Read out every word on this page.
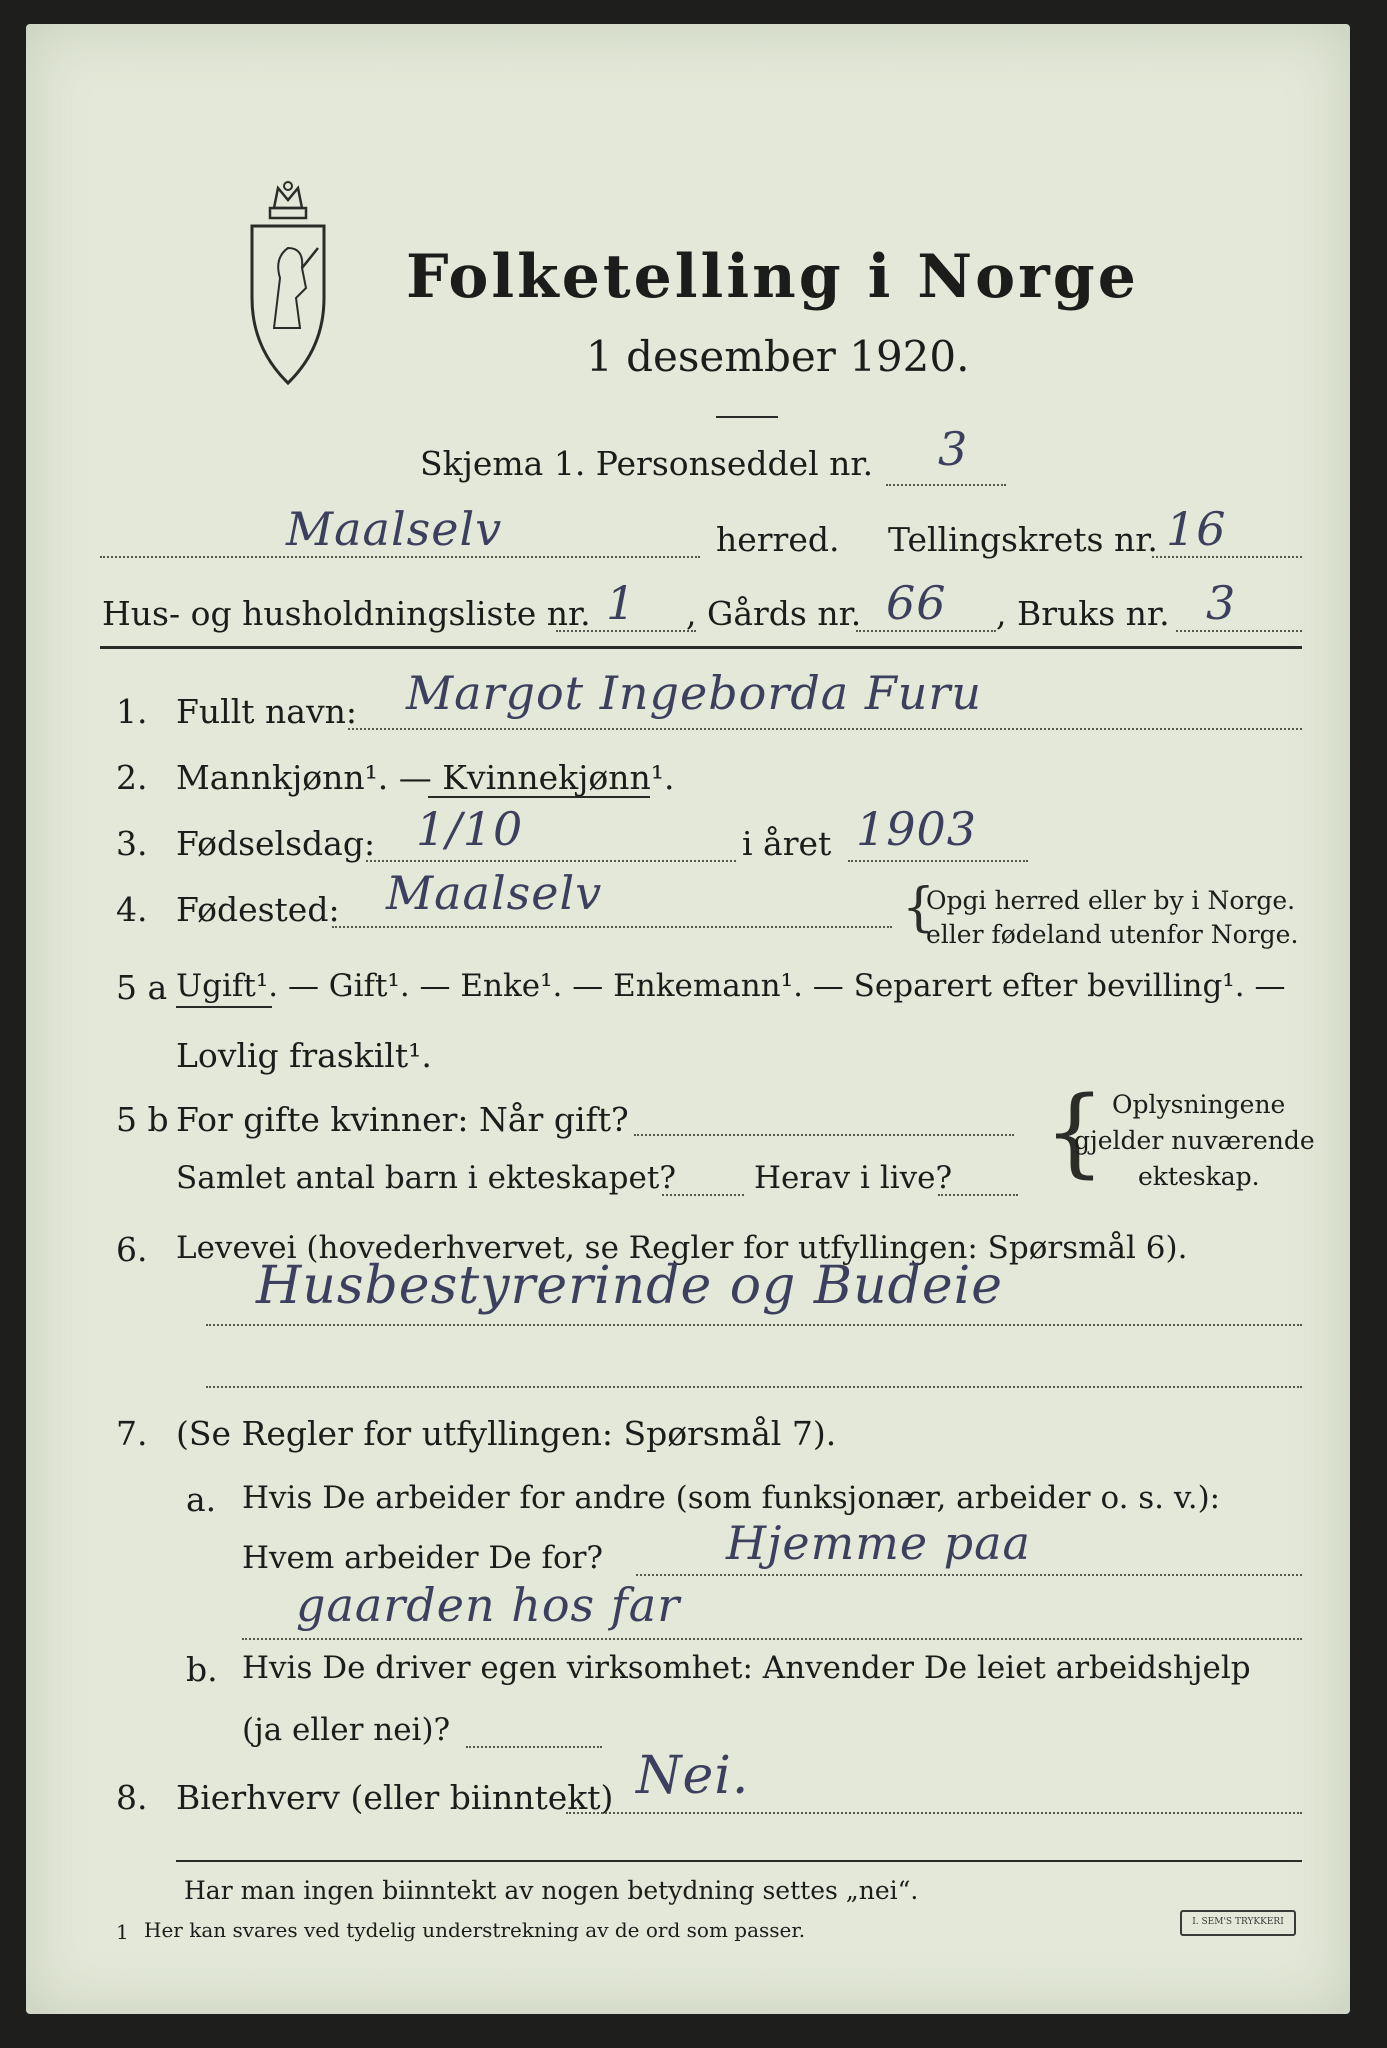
Folketelling i Norge
1 desember 1920.
Skjema 1. Personseddel nr. 3
Maalselv	herred. Tellingskrets nr. 16
Hus- og husholdningsliste nr. 1 , Gårds nr. 66 , Bruks nr. 3
1. Fullt navn: Margot Ingeborda Furu
2. Mannkjønn¹. — Kvinnekjønn¹.
3. Fødselsdag: 1/10	i året 1903
4. Fødested: Maalselv	{
Opgi herred eller by i Norge.
eller fødeland utenfor Norge.
5 a Ugift¹. — Gift¹. — Enke¹. — Enkemann¹. — Separert efter bevilling¹. —
Lovlig fraskilt¹.
5 b For gifte kvinner: Når gift?
Samlet antal barn i ekteskapet?	Herav i live? { Oplysningene
gjelder nuværende
ekteskap.
6. Levevei (hovederhvervet, se Regler for utfyllingen: Spørsmål 6).
Husbestyrerinde og Budeie
7. (Se Regler for utfyllingen: Spørsmål 7).
a. Hvis De arbeider for andre (som funksjonær, arbeider o. s. v.):
Hvem arbeider De for?	Hjemme paa
gaarden hos far
b. Hvis De driver egen virksomhet: Anvender De leiet arbeidshjelp
(ja eller nei)?
8. Bierhverv (eller biinntekt) Nei.
Har man ingen biinntekt av nogen betydning settes „nei“.
1 Her kan svares ved tydelig understrekning av de ord som passer.	I. SEM'S TRYKKERI
